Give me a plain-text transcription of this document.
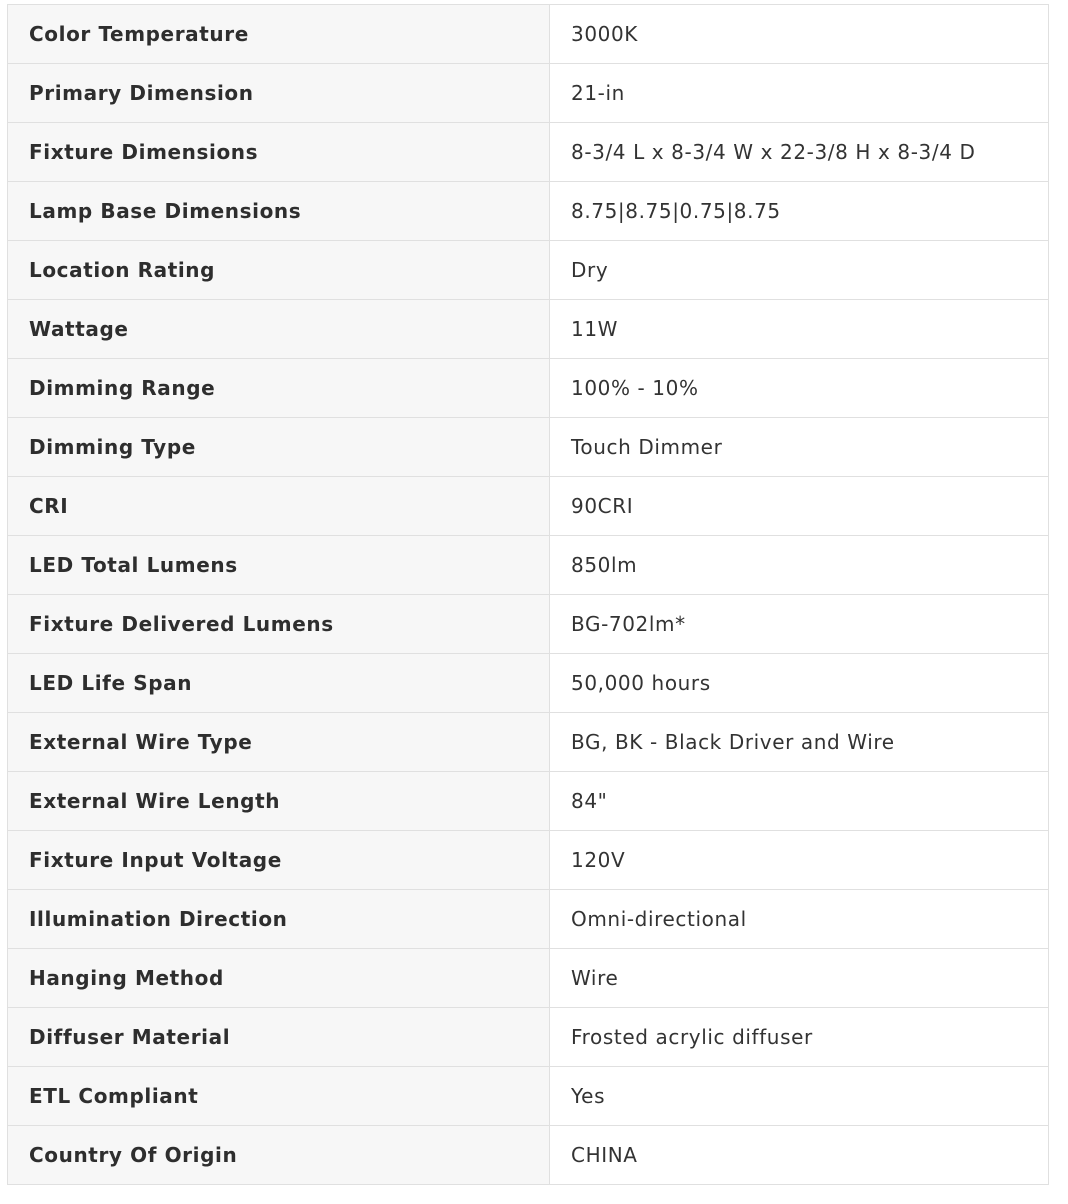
Color Temperature	3000K
Primary Dimension	21-in
Fixture Dimensions	8-3/4 L x 8-3/4 W x 22-3/8 H x 8-3/4 D
Lamp Base Dimensions	8.75|8.75|0.75|8.75
Location Rating	Dry
Wattage	11W
Dimming Range	100% - 10%
Dimming Type	Touch Dimmer
CRI	90CRI
LED Total Lumens	850lm
Fixture Delivered Lumens	BG-702lm*
LED Life Span	50,000 hours
External Wire Type	BG, BK - Black Driver and Wire
External Wire Length	84"
Fixture Input Voltage	120V
Illumination Direction	Omni-directional
Hanging Method	Wire
Diffuser Material	Frosted acrylic diffuser
ETL Compliant	Yes
Country Of Origin	CHINA
